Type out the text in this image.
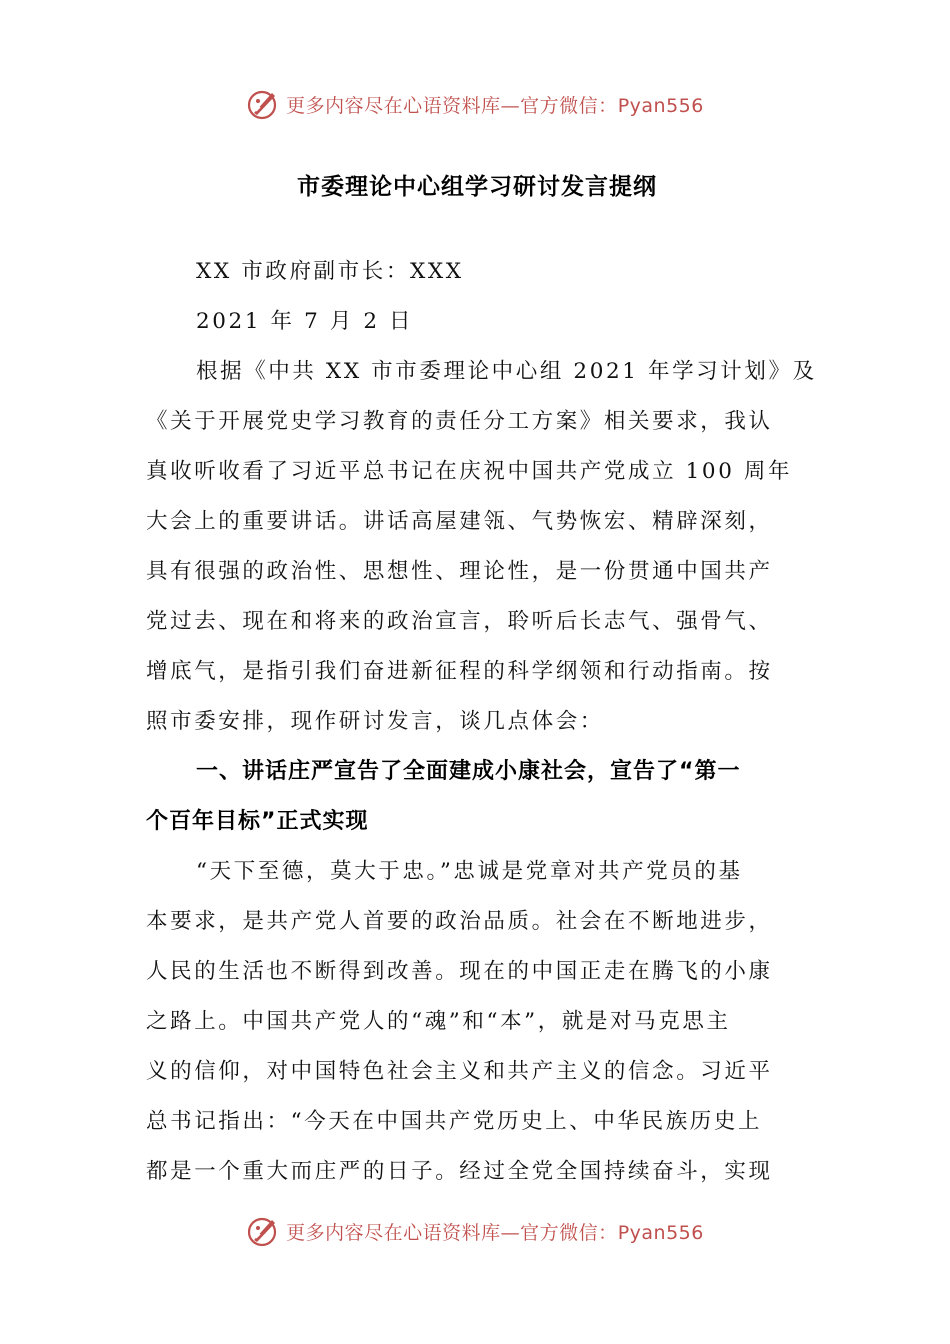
更多内容尽在心语资料库—官方微信：Pyan556
市委理论中心组学习研讨发言提纲

XX 市政府副市长：XXX

2021 年 7 月 2 日

根据《中共 XX 市市委理论中心组 2021 年学习计划》及

《关于开展党史学习教育的责任分工方案》相关要求，我认

真收听收看了习近平总书记在庆祝中国共产党成立 100 周年

大会上的重要讲话。讲话高屋建瓴、气势恢宏、精辟深刻，

具有很强的政治性、思想性、理论性，是一份贯通中国共产

党过去、现在和将来的政治宣言，聆听后长志气、强骨气、

增底气，是指引我们奋进新征程的科学纲领和行动指南。按

照市委安排，现作研讨发言，谈几点体会：

一、讲话庄严宣告了全面建成小康社会，宣告了“第一

个百年目标”正式实现

“天下至德，莫大于忠。”忠诚是党章对共产党员的基

本要求，是共产党人首要的政治品质。社会在不断地进步，

人民的生活也不断得到改善。现在的中国正走在腾飞的小康

之路上。中国共产党人的“魂”和“本”，就是对马克思主

义的信仰，对中国特色社会主义和共产主义的信念。习近平

总书记指出：“今天在中国共产党历史上、中华民族历史上

都是一个重大而庄严的日子。经过全党全国持续奋斗，实现

更多内容尽在心语资料库—官方微信：Pyan556
